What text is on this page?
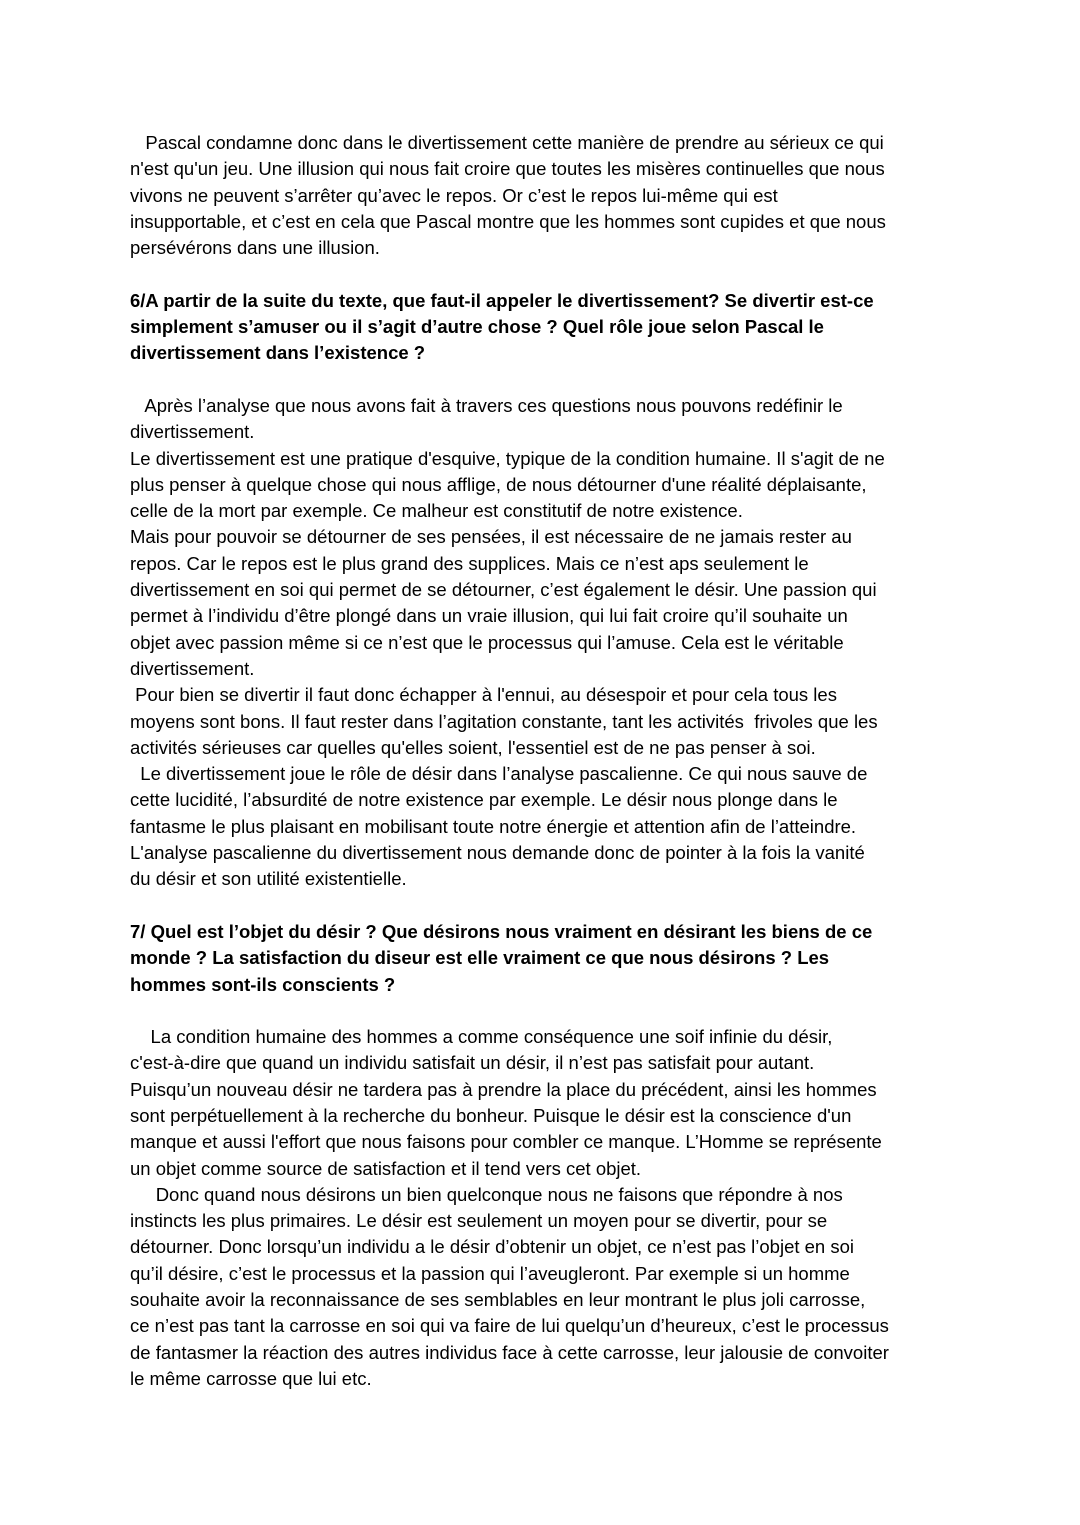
Pascal condamne donc dans le divertissement cette manière de prendre au sérieux ce qui
n'est qu'un jeu. Une illusion qui nous fait croire que toutes les misères continuelles que nous
vivons ne peuvent s’arrêter qu’avec le repos. Or c’est le repos lui-même qui est
insupportable, et c’est en cela que Pascal montre que les hommes sont cupides et que nous
persévérons dans une illusion.
6/A partir de la suite du texte, que faut-il appeler le divertissement? Se divertir est-ce
simplement s’amuser ou il s’agit d’autre chose ? Quel rôle joue selon Pascal le
divertissement dans l’existence ?
Après l’analyse que nous avons fait à travers ces questions nous pouvons redéfinir le
divertissement.
Le divertissement est une pratique d'esquive, typique de la condition humaine. Il s'agit de ne
plus penser à quelque chose qui nous afflige, de nous détourner d'une réalité déplaisante,
celle de la mort par exemple. Ce malheur est constitutif de notre existence.
Mais pour pouvoir se détourner de ses pensées, il est nécessaire de ne jamais rester au
repos. Car le repos est le plus grand des supplices. Mais ce n’est aps seulement le
divertissement en soi qui permet de se détourner, c’est également le désir. Une passion qui
permet à l’individu d’être plongé dans un vraie illusion, qui lui fait croire qu’il souhaite un
objet avec passion même si ce n’est que le processus qui l’amuse. Cela est le véritable
divertissement.
Pour bien se divertir il faut donc échapper à l'ennui, au désespoir et pour cela tous les
moyens sont bons. Il faut rester dans l’agitation constante, tant les activités  frivoles que les
activités sérieuses car quelles qu'elles soient, l'essentiel est de ne pas penser à soi.
Le divertissement joue le rôle de désir dans l’analyse pascalienne. Ce qui nous sauve de
cette lucidité, l’absurdité de notre existence par exemple. Le désir nous plonge dans le
fantasme le plus plaisant en mobilisant toute notre énergie et attention afin de l’atteindre.
L'analyse pascalienne du divertissement nous demande donc de pointer à la fois la vanité
du désir et son utilité existentielle.
7/ Quel est l’objet du désir ? Que désirons nous vraiment en désirant les biens de ce
monde ? La satisfaction du diseur est elle vraiment ce que nous désirons ? Les
hommes sont-ils conscients ?
La condition humaine des hommes a comme conséquence une soif infinie du désir,
c'est-à-dire que quand un individu satisfait un désir, il n’est pas satisfait pour autant.
Puisqu’un nouveau désir ne tardera pas à prendre la place du précédent, ainsi les hommes
sont perpétuellement à la recherche du bonheur. Puisque le désir est la conscience d'un
manque et aussi l'effort que nous faisons pour combler ce manque. L’Homme se représente
un objet comme source de satisfaction et il tend vers cet objet.
Donc quand nous désirons un bien quelconque nous ne faisons que répondre à nos
instincts les plus primaires. Le désir est seulement un moyen pour se divertir, pour se
détourner. Donc lorsqu’un individu a le désir d’obtenir un objet, ce n’est pas l’objet en soi
qu’il désire, c’est le processus et la passion qui l’aveugleront. Par exemple si un homme
souhaite avoir la reconnaissance de ses semblables en leur montrant le plus joli carrosse,
ce n’est pas tant la carrosse en soi qui va faire de lui quelqu’un d’heureux, c’est le processus
de fantasmer la réaction des autres individus face à cette carrosse, leur jalousie de convoiter
le même carrosse que lui etc.
